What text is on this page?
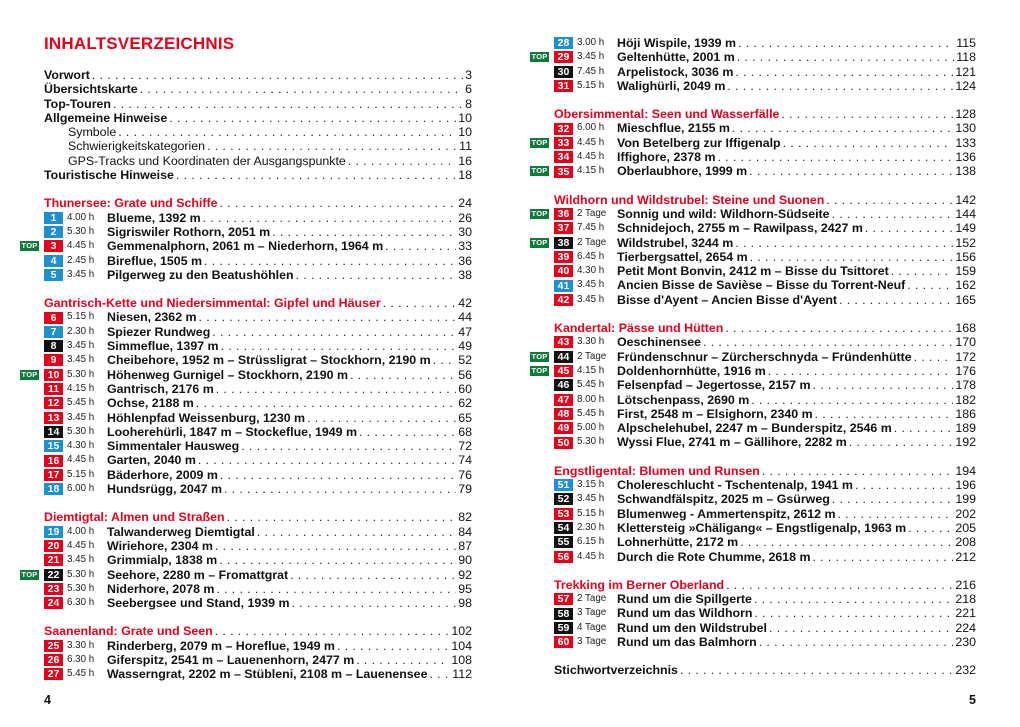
INHALTSVERZEICHNIS
Vorwort . . .	3
Übersichtskarte . . .	6
Top-Touren . . .	8
Allgemeine Hinweise . . .	10
Symbole . . .	10
Schwierigkeitskategorien . . .	11
GPS-Tracks und Koordinaten der Ausgangspunkte . . .	16
Touristische Hinweise . . .	18
Thunersee: Grate und Schiffe . . .	24
1	4.00 h	Blueme, 1392 m . . .	26
2	5.30 h	Sigriswiler Rothorn, 2051 m . . .	30
TOP	3	4.45 h	Gemmenalphorn, 2061 m – Niederhorn, 1964 m . . .	33
4	2.45 h	Bireflue, 1505 m . . .	36
5	3.45 h	Pilgerweg zu den Beatushöhlen . . .	38
Gantrisch-Kette und Niedersimmental: Gipfel und Häuser . . .	42
6	5.15 h	Niesen, 2362 m . . .	44
7	2.30 h	Spiezer Rundweg . . .	47
8	3.45 h	Simmeflue, 1397 m . . .	49
9	3.45 h	Cheibehore, 1952 m – Strüssligrat – Stockhorn, 2190 m . . . 52
TOP 10 5.30 h	Höhenweg Gurnigel – Stockhorn, 2190 m . . .	56
11 4.15 h	Gantrisch, 2176 m . . .	60
12 5.45 h	Ochse, 2188 m . . .	62
13 3.45 h	Höhlenpfad Weissenburg, 1230 m . . .	65
14 5.30 h	Looherehürli, 1847 m – Stockeflue, 1949 m . . .	68
15 4.30 h	Simmentaler Hausweg . . .	72
16 4.45 h	Garten, 2040 m . . .	74
17 5.15 h	Bäderhore, 2009 m . . .	76
18 6.00 h	Hundsrügg, 2047 m . . .	79
Diemtigtal: Almen und Straßen . . .	82
19 4.00 h	Talwanderweg Diemtigtal . . .	84
20 4.45 h	Wiriehore, 2304 m . . .	87
21 3.45 h	Grimmialp, 1838 m . . .	90
TOP 22 5.30 h	Seehore, 2280 m – Fromattgrat . . .	92
23 5.30 h	Niderhore, 2078 m . . .	95
24 6.30 h	Seebergsee und Stand, 1939 m . . .	98
Saanenland: Grate und Seen . . .	102
25 3.30 h	Rinderberg, 2079 m – Horeflue, 1949 m . . .	104
26 6.30 h	Giferspitz, 2541 m – Lauenenhorn, 2477 m . . .	108
27 5.45 h	Wasserngrat, 2202 m – Stübleni, 2108 m – Lauenensee . . . 112
4
28 3.00 h	Höji Wispile, 1939 m . . .	115
TOP 29 3.45 h	Geltenhütte, 2001 m . . .	118
30 7.45 h	Arpelistock, 3036 m . . .	121
31 5.15 h	Walighürli, 2049 m . . .	124
Obersimmental: Seen und Wasserfälle . . .	128
32 6.00 h	Mieschflue, 2155 m . . .	130
TOP 33 4.45 h	Von Betelberg zur Iffigenalp . . .	133
34 4.45 h	Iffighore, 2378 m . . .	136
TOP 35 4.15 h	Oberlaubhore, 1999 m . . .	138
Wildhorn und Wildstrubel: Steine und Suonen . . .	142
TOP 36 2 Tage Sonnig und wild: Wildhorn-Südseite . . .	144
37 7.45 h	Schnidejoch, 2755 m – Rawilpass, 2427 m . . .	149
TOP 38 2 Tage Wildstrubel, 3244 m . . .	152
39 6.45 h	Tierbergsattel, 2654 m . . .	156
40 4.30 h	Petit Mont Bonvin, 2412 m – Bisse du Tsittoret . . .	159
41 3.45 h	Ancien Bisse de Savièse – Bisse du Torrent-Neuf . . .	162
42 3.45 h	Bisse d'Ayent – Ancien Bisse d'Ayent . . .	165
Kandertal: Pässe und Hütten . . .	168
43 3.30 h	Oeschinensee . . .	170
TOP 44 2 Tage Fründenschnur – Zürcherschnyda – Fründenhütte . . .	172
TOP 45 4.15 h	Doldenhornhütte, 1916 m . . .	176
46 5.45 h	Felsenpfad – Jegertosse, 2157 m . . .	178
47 8.00 h	Lötschenpass, 2690 m . . .	182
48 5.45 h	First, 2548 m – Elsighorn, 2340 m . . .	186
49 5.00 h	Alpschelehubel, 2247 m – Bunderspitz, 2546 m . . .	189
50 5.30 h	Wyssi Flue, 2741 m – Gällihore, 2282 m . . .	192
Engstligental: Blumen und Runsen . . .	194
51 3.15 h	Cholereschlucht - Tschentenalp, 1941 m . . .	196
52 3.45 h	Schwandfälspitz, 2025 m – Gsürweg . . .	199
53 5.15 h	Blumenweg - Ammertenspitz, 2612 m . . .	202
54 2.30 h	Klettersteig »Chäligang« – Engstligenalp, 1963 m . . .	205
55 6.15 h	Lohnerhütte, 2172 m . . .	208
56 4.45 h	Durch die Rote Chumme, 2618 m . . .	212
Trekking im Berner Oberland . . .	216
57 2 Tage Rund um die Spillgerte . . .	218
58 3 Tage Rund um das Wildhorn . . .	221
59 4 Tage Rund um den Wildstrubel . . .	224
60 3 Tage Rund um das Balmhorn . . .	230
Stichwortverzeichnis . . .	232
5
